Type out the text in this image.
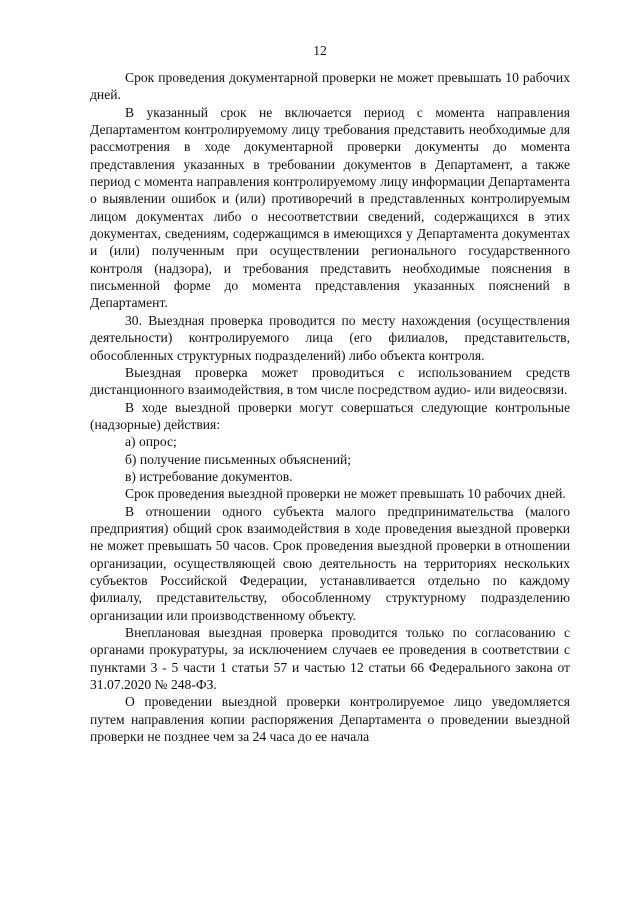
12

Срок проведения документарной проверки не может превышать 10 рабочих дней.

В указанный срок не включается период с момента направления Департаментом контролируемому лицу требования представить необходимые для рассмотрения в ходе документарной проверки документы до момента представления указанных в требовании документов в Департамент, а также период с момента направления контролируемому лицу информации Департамента о выявлении ошибок и (или) противоречий в представленных контролируемым лицом документах либо о несоответствии сведений, содержащихся в этих документах, сведениям, содержащимся в имеющихся у Департамента документах и (или) полученным при осуществлении регионального государственного контроля (надзора), и требования представить необходимые пояснения в письменной форме до момента представления указанных пояснений в Департамент.

30. Выездная проверка проводится по месту нахождения (осуществления деятельности) контролируемого лица (его филиалов, представительств, обособленных структурных подразделений) либо объекта контроля.

Выездная проверка может проводиться с использованием средств дистанционного взаимодействия, в том числе посредством аудио- или видеосвязи.

В ходе выездной проверки могут совершаться следующие контрольные (надзорные) действия:

а) опрос;

б) получение письменных объяснений;

в) истребование документов.

Срок проведения выездной проверки не может превышать 10 рабочих дней.

В отношении одного субъекта малого предпринимательства (малого предприятия) общий срок взаимодействия в ходе проведения выездной проверки не может превышать 50 часов. Срок проведения выездной проверки в отношении организации, осуществляющей свою деятельность на территориях нескольких субъектов Российской Федерации, устанавливается отдельно по каждому филиалу, представительству, обособленному структурному подразделению организации или производственному объекту.

Внеплановая выездная проверка проводится только по согласованию с органами прокуратуры, за исключением случаев ее проведения в соответствии с пунктами 3 - 5 части 1 статьи 57 и частью 12 статьи 66 Федерального закона от 31.07.2020 № 248-ФЗ.

О проведении выездной проверки контролируемое лицо уведомляется путем направления копии распоряжения Департамента о проведении выездной проверки не позднее чем за 24 часа до ее начала
